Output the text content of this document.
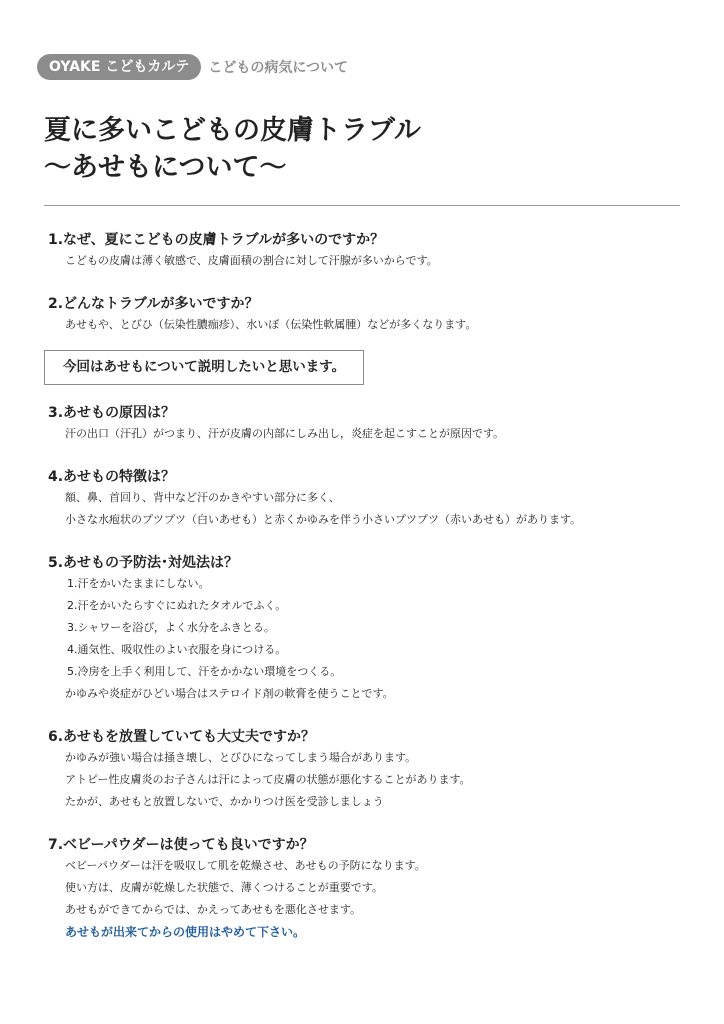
OYAKE こどもカルテ	こどもの病気について
夏に多いこどもの皮膚トラブル
〜あせもについて〜
1.なぜ、夏にこどもの皮膚トラブルが多いのですか？
こどもの皮膚は薄く敏感で、皮膚面積の割合に対して汗腺が多いからです。
2.どんなトラブルが多いですか？
あせもや、とびひ（伝染性膿痂疹）、水いぼ（伝染性軟属腫）などが多くなります。
今回はあせもについて説明したいと思います。
3.あせもの原因は？
汗の出口（汗孔）がつまり、汗が皮膚の内部にしみ出し，炎症を起こすことが原因です。
4.あせもの特徴は？
額、鼻、首回り、背中など汗のかきやすい部分に多く、
小さな水疱状のプツプツ（白いあせも）と赤くかゆみを伴う小さいプツプツ（赤いあせも）があります。
5.あせもの予防法･対処法は？
1.汗をかいたままにしない。
2.汗をかいたらすぐにぬれたタオルでふく。
3.シャワーを浴び，よく水分をふきとる。
4.通気性、吸収性のよい衣服を身につける。
5.冷房を上手く利用して、汗をかかない環境をつくる。
かゆみや炎症がひどい場合はステロイド剤の軟膏を使うことです。
6.あせもを放置していても大丈夫ですか？
かゆみが強い場合は掻き壊し、とびひになってしまう場合があります。
アトピー性皮膚炎のお子さんは汗によって皮膚の状態が悪化することがあります。
たかが、あせもと放置しないで、かかりつけ医を受診しましょう
7.ベビーパウダーは使っても良いですか？
ベビーパウダーは汗を吸収して肌を乾燥させ、あせもの予防になります。
使い方は、皮膚が乾燥した状態で、薄くつけることが重要です。
あせもができてからでは、かえってあせもを悪化させます。
あせもが出来てからの使用はやめて下さい。
